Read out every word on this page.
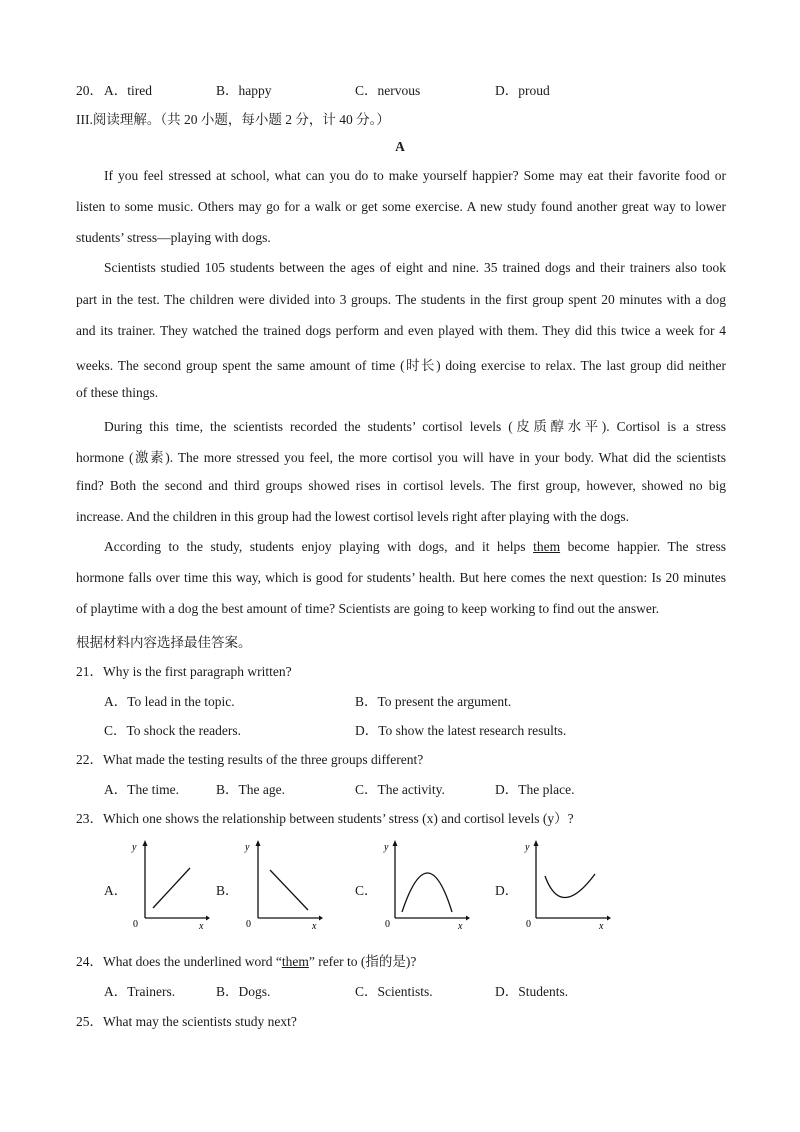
20． A．tired	B．happy	C．nervous	D．proud
III.阅读理解。（共 20 小题，每小题 2 分，计 40 分。）
A
If you feel stressed at school, what can you do to make yourself happier? Some may eat their favorite food or
listen to some music. Others may go for a walk or get some exercise. A new study found another great way to lower
students’ stress—playing with dogs.
Scientists studied 105 students between the ages of eight and nine. 35 trained dogs and their trainers also took
part in the test. The children were divided into 3 groups. The students in the first group spent 20 minutes with a dog
and its trainer. They watched the trained dogs perform and even played with them. They did this twice a week for 4
weeks. The second group spent the same amount of time (时长) doing exercise to relax. The last group did neither
of these things.
During this time, the scientists recorded the students’ cortisol levels (皮质醇水平). Cortisol is a stress
hormone (激素). The more stressed you feel, the more cortisol you will have in your body. What did the scientists
find? Both the second and third groups showed rises in cortisol levels. The first group, however, showed no big
increase. And the children in this group had the lowest cortisol levels right after playing with the dogs.
According to the study, students enjoy playing with dogs, and it helps them become happier. The stress
hormone falls over time this way, which is good for students’ health. But here comes the next question: Is 20 minutes
of playtime with a dog the best amount of time? Scientists are going to keep working to find out the answer.
根据材料内容选择最佳答案。
21．Why is the first paragraph written?
A．To lead in the topic.	B．To present the argument.
C．To shock the readers.	D．To show the latest research results.
22．What made the testing results of the three groups different?
A．The time.	B．The age.	C．The activity.	D．The place.
23．Which one shows the relationship between students’ stress (x) and cortisol levels (y）?
A．	B．	C．	D．
y
x
0
y
x
0
y
x
0
y
x
0
24．What does the underlined word “them” refer to (指的是)?
A．Trainers.	B．Dogs.	C．Scientists.	D．Students.
25．What may the scientists study next?
